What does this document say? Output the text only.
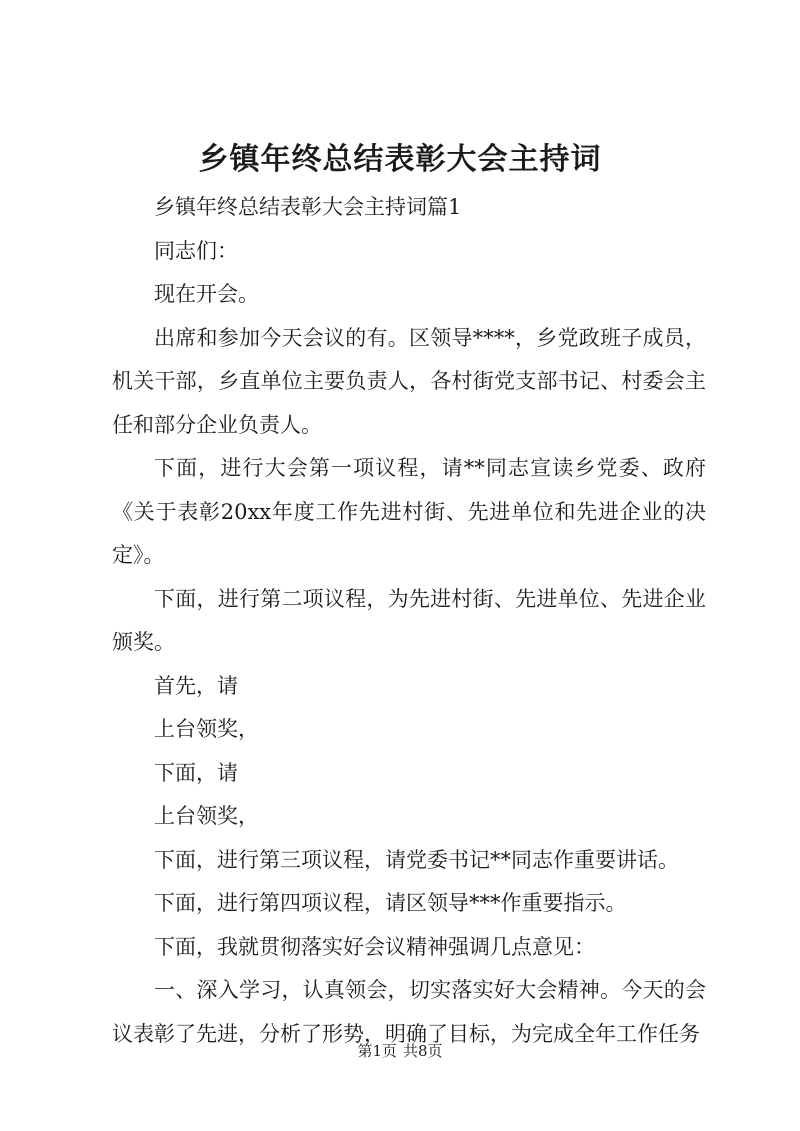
乡镇年终总结表彰大会主持词

乡镇年终总结表彰大会主持词篇1

同志们：

现在开会。

出席和参加今天会议的有。区领导****，乡党政班子成员，机关干部，乡直单位主要负责人，各村街党支部书记、村委会主任和部分企业负责人。

下面，进行大会第一项议程，请**同志宣读乡党委、政府《关于表彰20xx年度工作先进村街、先进单位和先进企业的决定》。

下面，进行第二项议程，为先进村街、先进单位、先进企业颁奖。

首先，请

上台领奖，

下面，请

上台领奖，

下面，进行第三项议程，请党委书记**同志作重要讲话。

下面，进行第四项议程，请区领导***作重要指示。

下面，我就贯彻落实好会议精神强调几点意见：

一、深入学习，认真领会，切实落实好大会精神。今天的会议表彰了先进，分析了形势，明确了目标，为完成全年工作任务

第1页 共8页
